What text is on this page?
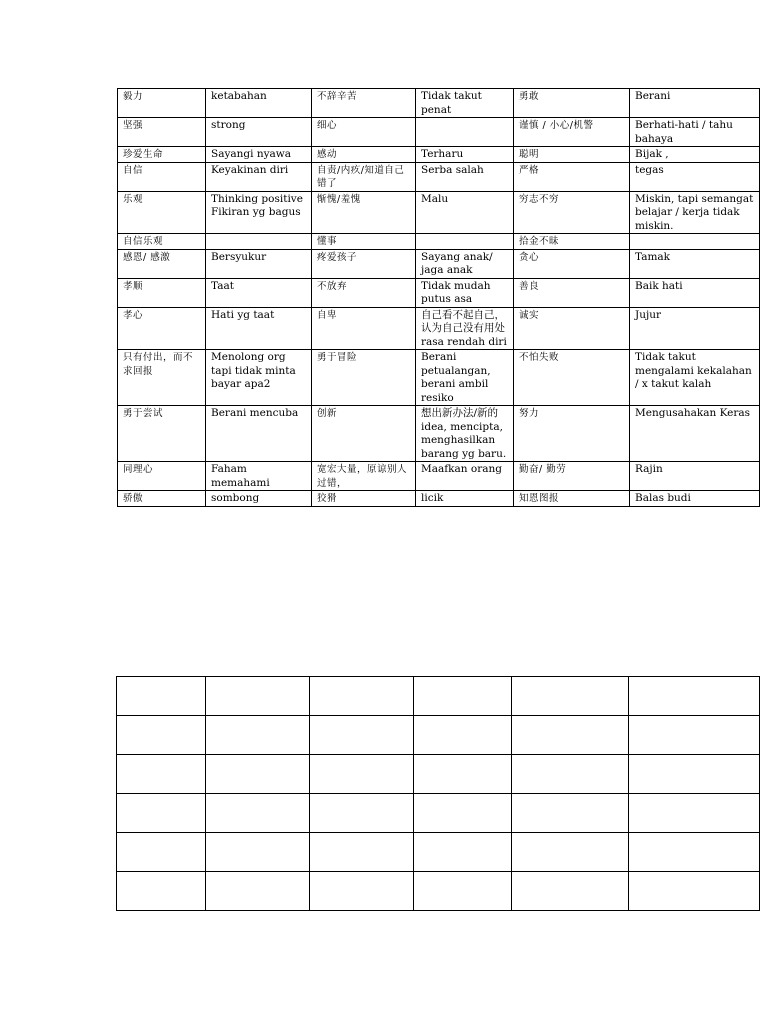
毅力	ketabahan	不辞辛苦	Tidak takut penat	勇敢	Berani
坚强	strong	细心		谨慎 / 小心/机警	Berhati-hati / tahu bahaya
珍爱生命	Sayangi nyawa	感动	Terharu	聪明	Bijak ,
自信	Keyakinan diri	自责/内疚/知道自己错了	Serba salah	严格	tegas
乐观	Thinking positive Fikiran yg bagus	惭愧/羞愧	Malu	穷志不穷	Miskin, tapi semangat belajar / kerja tidak miskin.
自信乐观		懂事		拾金不昧	
感恩/ 感激	Bersyukur	疼爱孩子	Sayang anak/ jaga anak	贪心	Tamak
孝顺	Taat	不放弃	Tidak mudah putus asa	善良	Baik hati
孝心	Hati yg taat	自卑	自己看不起自己，认为自己没有用处 rasa rendah diri	诚实	Jujur
只有付出，而不求回报	Menolong org tapi tidak minta bayar apa2	勇于冒险	Berani petualangan, berani ambil resiko	不怕失败	Tidak takut mengalami kekalahan / x takut kalah
勇于尝试	Berani mencuba	创新	想出新办法/新的 idea, mencipta, menghasilkan barang yg baru.	努力	Mengusahakan Keras
同理心	Faham memahami	宽宏大量，原谅别人过错，	Maafkan orang	勤奋/ 勤劳	Rajin
骄傲	sombong	狡猾	licik	知恩图报	Balas budi
